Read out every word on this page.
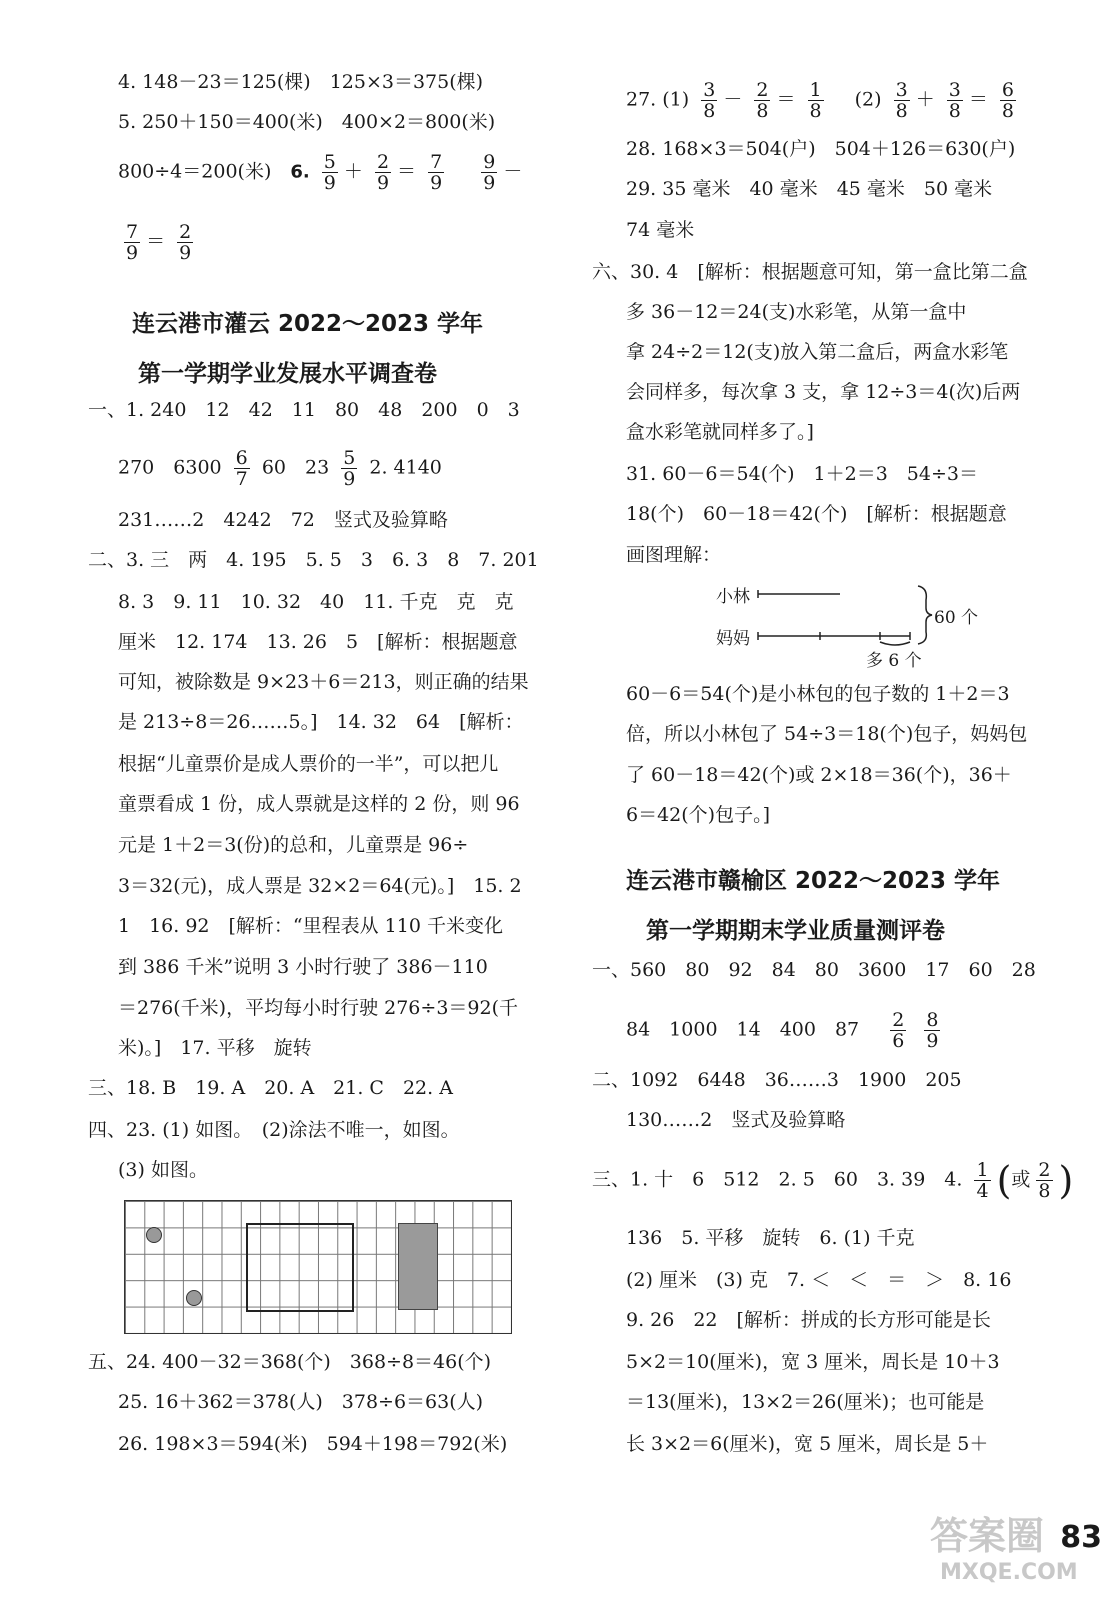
4. 148－23＝125(棵)　125×3＝375(棵)
5. 250＋150＝400(米)　400×2＝800(米)
800÷4＝200(米)　6. $\frac{5}{9} + \frac{2}{9} = \frac{7}{9}$
　 $\frac{9}{9}$ －
$\frac{7}{9} = \frac{2}{9}$
连云港市灌云 2022～2023 学年
第一学期学业发展水平调查卷
一、1. 240　12　42　11　80　48　200　0　3
270　$6300 \frac{6}{7} 60$　$23 \frac{5}{9} 2$. 4140
231……2　4242　72　竖式及验算略
二、3. 三　两　4. 195　5. 5　3　6. 3　8　7. 201
8. 3　9. 11　10. 32　40　11. 千克　克　克
厘米　12. 174　13. 26　5　[解析：根据题意
可知，被除数是 9×23＋6＝213，则正确的结果
是 213÷8＝26……5。]　14. 32　64　[解析：
根据“儿童票价是成人票价的一半”，可以把儿
童票看成 1 份，成人票就是这样的 2 份，则 96
元是 1＋2＝3(份)的总和，儿童票是 96÷
3＝32(元)，成人票是 32×2＝64(元)。]　15. 2
1　16. 92　[解析：“里程表从 110 千米变化
到 386 千米”说明 3 小时行驶了 386－110
＝276(千米)，平均每小时行驶 276÷3＝92(千
米)。]　17. 平移　旋转
三、18. B　19. A　20. A　21. C　22. A
四、23. (1) 如图。　(2)涂法不唯一，如图。
(3) 如图。
五、24. 400－32＝368(个)　368÷8＝46(个)
25. 16＋362＝378(人)　378÷6＝63(人)
26. 198×3＝594(米)　594＋198＝792(米)
27. $(1) \frac{3}{8} - \frac{2}{8} = \frac{1}{8}$
　 $(2) \frac{3}{8} + \frac{3}{8} = \frac{6}{8}$
28. 168×3＝504(户)　504＋126＝630(户)
29. 35 毫米　40 毫米　45 毫米　50 毫米
74 毫米
六、30. 4　[解析：根据题意可知，第一盒比第二盒
多 36－12＝24(支)水彩笔，从第一盒中
拿 24÷2＝12(支)放入第二盒后，两盒水彩笔
会同样多，每次拿 3 支，拿 12÷3＝4(次)后两
盒水彩笔就同样多了。]
31. 60－6＝54(个)　1＋2＝3　54÷3＝
18(个)　60－18＝42(个)　[解析：根据题意
画图理解：
小林
妈妈
60 个
多 6 个
60－6＝54(个)是小林包的包子数的 1＋2＝3
倍，所以小林包了 54÷3＝18(个)包子，妈妈包
了 60－18＝42(个)或 2×18＝36(个)，36＋
6＝42(个)包子。]
连云港市赣榆区 2022～2023 学年
第一学期期末学业质量测评卷
一、560　80　92　84　80　3600　17　60　28
84　1000　14　400　87　 $\frac{2}{6}$
$\frac{8}{9}$
二、1092　6448　36……3　1900　205
130……2　竖式及验算略
三、1. 十　6　512　2. 5　60　3. 39　4. $\frac{1}{4}$ (或 $\frac{2}{8}$ )
136　5. 平移　旋转　6. (1) 千克
(2) 厘米　(3) 克　7. ＜　＜　＝　＞　8. 16
9. 26　22　[解析：拼成的长方形可能是长
5×2＝10(厘米)，宽 3 厘米，周长是 10＋3
＝13(厘米)，13×2＝26(厘米)；也可能是
长 3×2＝6(厘米)，宽 5 厘米，周长是 5＋
83
答案圈
MXQE.COM
